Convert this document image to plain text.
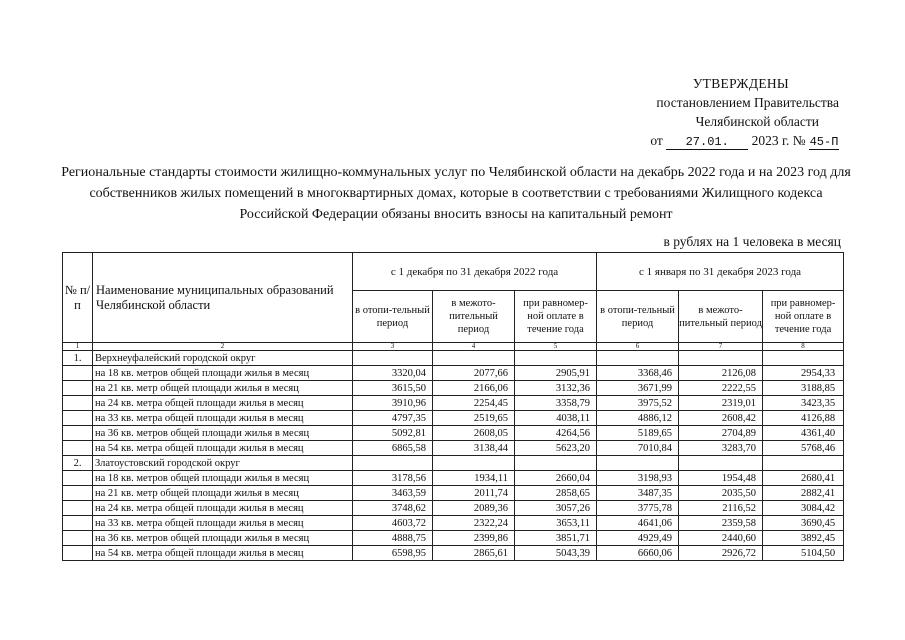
УТВЕРЖДЕНЫ
постановлением Правительства
Челябинской области
от 27.01. 2023 г. № 45-П
Региональные стандарты стоимости жилищно-коммунальных услуг по Челябинской области на декабрь 2022 года и на 2023 год для собственников жилых помещений в многоквартирных домах, которые в соответствии с требованиями Жилищного кодекса Российской Федерации обязаны вносить взносы на капитальный ремонт
в рублях на 1 человека в месяц
№ п/п	Наименование муниципальных образований Челябинской области	с 1 декабря по 31 декабря 2022 года			с 1 января по 31 декабря 2023 года		
		в отопи-тельный период	в межото-пительный период	при равномер-ной оплате в течение года	в отопи-тельный период	в межото-пительный период	при равномер-ной оплате в течение года
1	2	3	4	5	6	7	8
1.	Верхнеуфалейский городской округ						
	на 18 кв. метров общей площади жилья в месяц	3320,04	2077,66	2905,91	3368,46	2126,08	2954,33
	на 21 кв. метр общей площади жилья в месяц	3615,50	2166,06	3132,36	3671,99	2222,55	3188,85
	на 24 кв. метра общей площади жилья в месяц	3910,96	2254,45	3358,79	3975,52	2319,01	3423,35
	на 33 кв. метра общей площади жилья в месяц	4797,35	2519,65	4038,11	4886,12	2608,42	4126,88
	на 36 кв. метров общей площади жилья в месяц	5092,81	2608,05	4264,56	5189,65	2704,89	4361,40
	на 54 кв. метра общей площади жилья в месяц	6865,58	3138,44	5623,20	7010,84	3283,70	5768,46
2.	Златоустовский городской округ						
	на 18 кв. метров общей площади жилья в месяц	3178,56	1934,11	2660,04	3198,93	1954,48	2680,41
	на 21 кв. метр общей площади жилья в месяц	3463,59	2011,74	2858,65	3487,35	2035,50	2882,41
	на 24 кв. метра общей площади жилья в месяц	3748,62	2089,36	3057,26	3775,78	2116,52	3084,42
	на 33 кв. метра общей площади жилья в месяц	4603,72	2322,24	3653,11	4641,06	2359,58	3690,45
	на 36 кв. метров общей площади жилья в месяц	4888,75	2399,86	3851,71	4929,49	2440,60	3892,45
	на 54 кв. метра общей площади жилья в месяц	6598,95	2865,61	5043,39	6660,06	2926,72	5104,50
